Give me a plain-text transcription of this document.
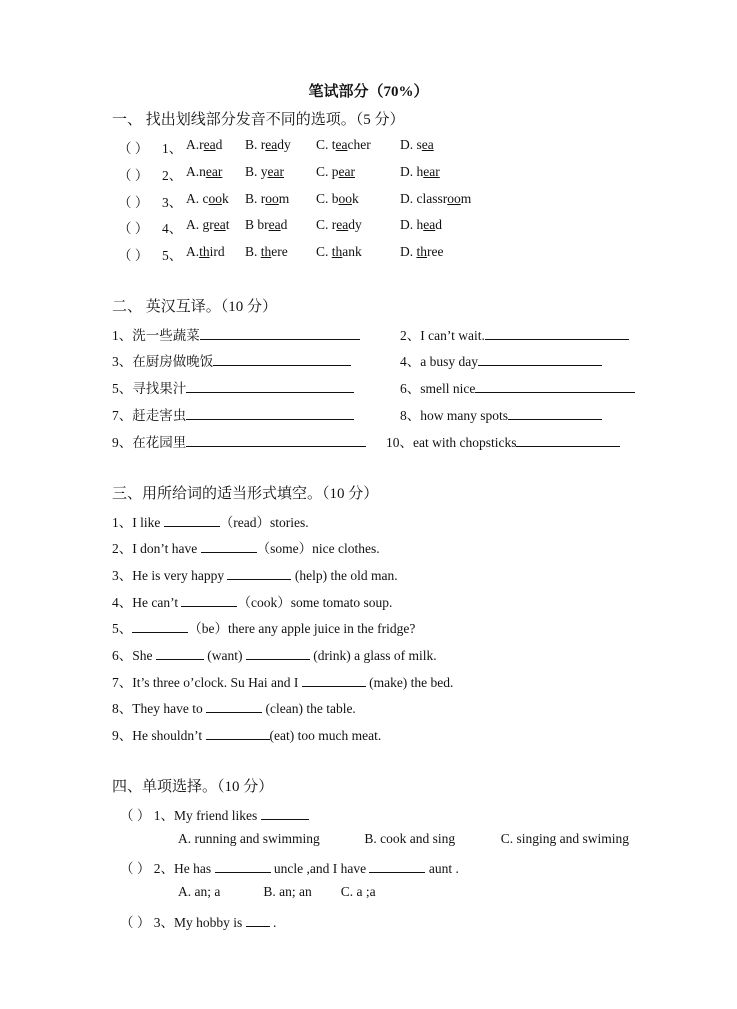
笔试部分（70%）
一、 找出划线部分发音不同的选项。（5 分）
（ ） 1、 A.read B. ready C. teacher D. sea
（ ） 2、 A.near B. year C. pear	D. hear
（ ） 3、 A. cook B. room C. book	D. classroom
（ ） 4、 A. great B bread C. ready	D. head
（ ） 5、 A.third B. there C. thank	D. three
二、 英汉互译。（10 分）
1、洗一些蔬菜	2、I can’t wait.
3、在厨房做晚饭	4、a busy day
5、寻找果汁	6、smell nice
7、赶走害虫	8、how many spots
9、在花园里	10、eat with chopsticks
三、用所给词的适当形式填空。（10 分）
1、I like	（read）stories.
2、I don’t have	（some）nice clothes.
3、He is very happy	(help) the old man.
4、He can’t	（cook）some tomato soup.
5、	（be）there any apple juice in the fridge?
6、She	(want)	(drink) a glass of milk.
7、It’s three o’clock. Su Hai and I	(make) the bed.
8、They have to	(clean) the table.
9、He shouldn’t	(eat) too much meat.
四、单项选择。（10 分）
（ ） 1、My friend likes
A. running and swimming	B. cook and sing	C. singing and swiming
（ ） 2、He has	uncle ,and I have	aunt .
A. an; a	B. an; an C. a ;a
（ ） 3、My hobby is .
